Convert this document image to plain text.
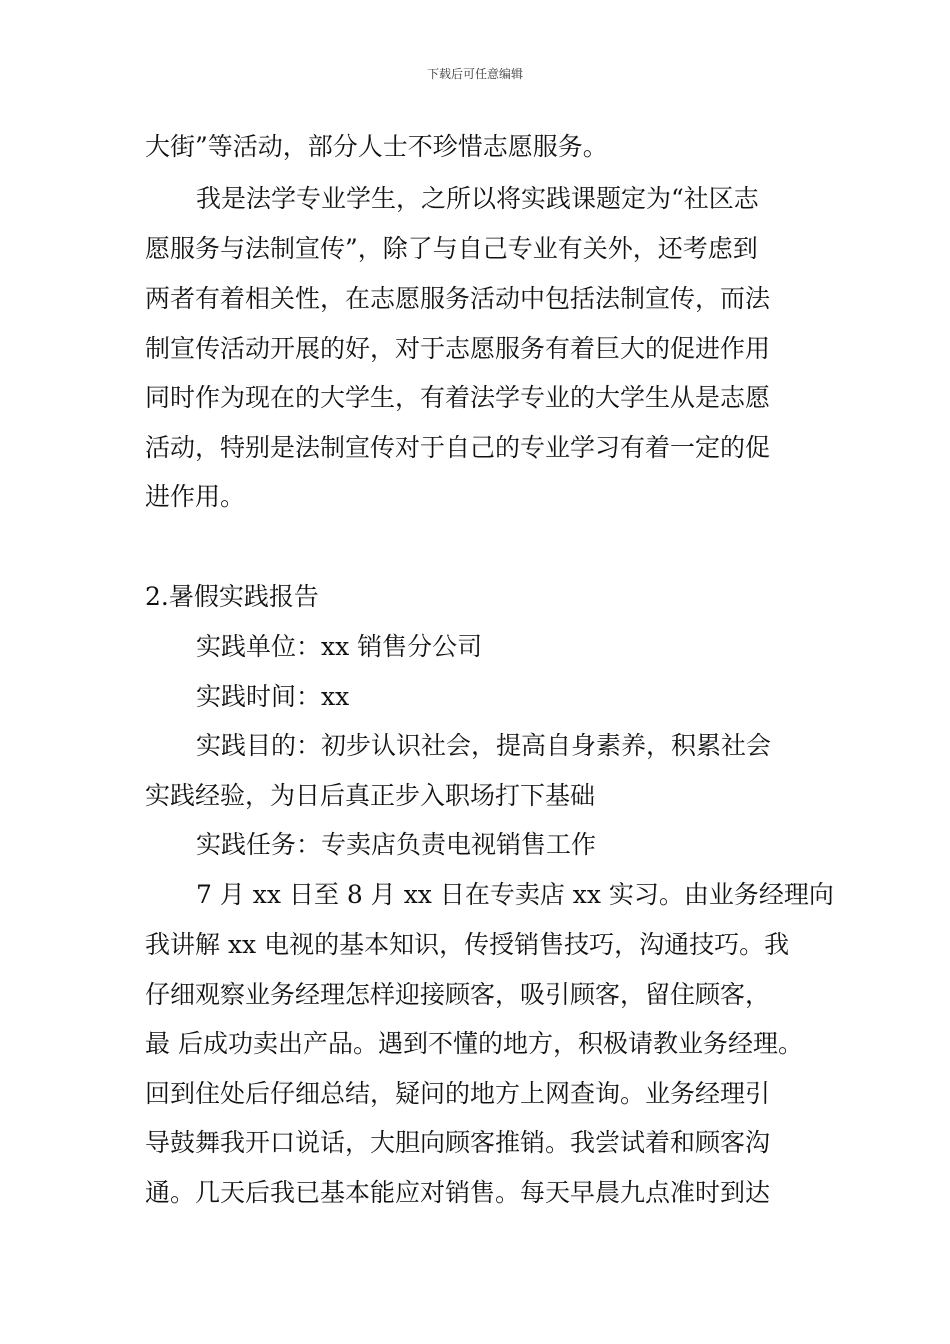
下载后可任意编辑
大街”等活动，部分人士不珍惜志愿服务。
我是法学专业学生，之所以将实践课题定为“社区志
愿服务与法制宣传”，除了与自己专业有关外，还考虑到
两者有着相关性，在志愿服务活动中包括法制宣传，而法
制宣传活动开展的好，对于志愿服务有着巨大的促进作用
同时作为现在的大学生，有着法学专业的大学生从是志愿
活动，特别是法制宣传对于自己的专业学习有着一定的促
进作用。
2.暑假实践报告
实践单位：xx 销售分公司
实践时间：xx
实践目的：初步认识社会，提高自身素养，积累社会
实践经验，为日后真正步入职场打下基础
实践任务：专卖店负责电视销售工作
7 月 xx 日至 8 月 xx 日在专卖店 xx 实习。由业务经理向
我讲解 xx 电视的基本知识，传授销售技巧，沟通技巧。我
仔细观察业务经理怎样迎接顾客，吸引顾客，留住顾客，
最 后成功卖出产品。遇到不懂的地方，积极请教业务经理。
回到住处后仔细总结，疑问的地方上网查询。业务经理引
导鼓舞我开口说话，大胆向顾客推销。我尝试着和顾客沟
通。几天后我已基本能应对销售。每天早晨九点准时到达
